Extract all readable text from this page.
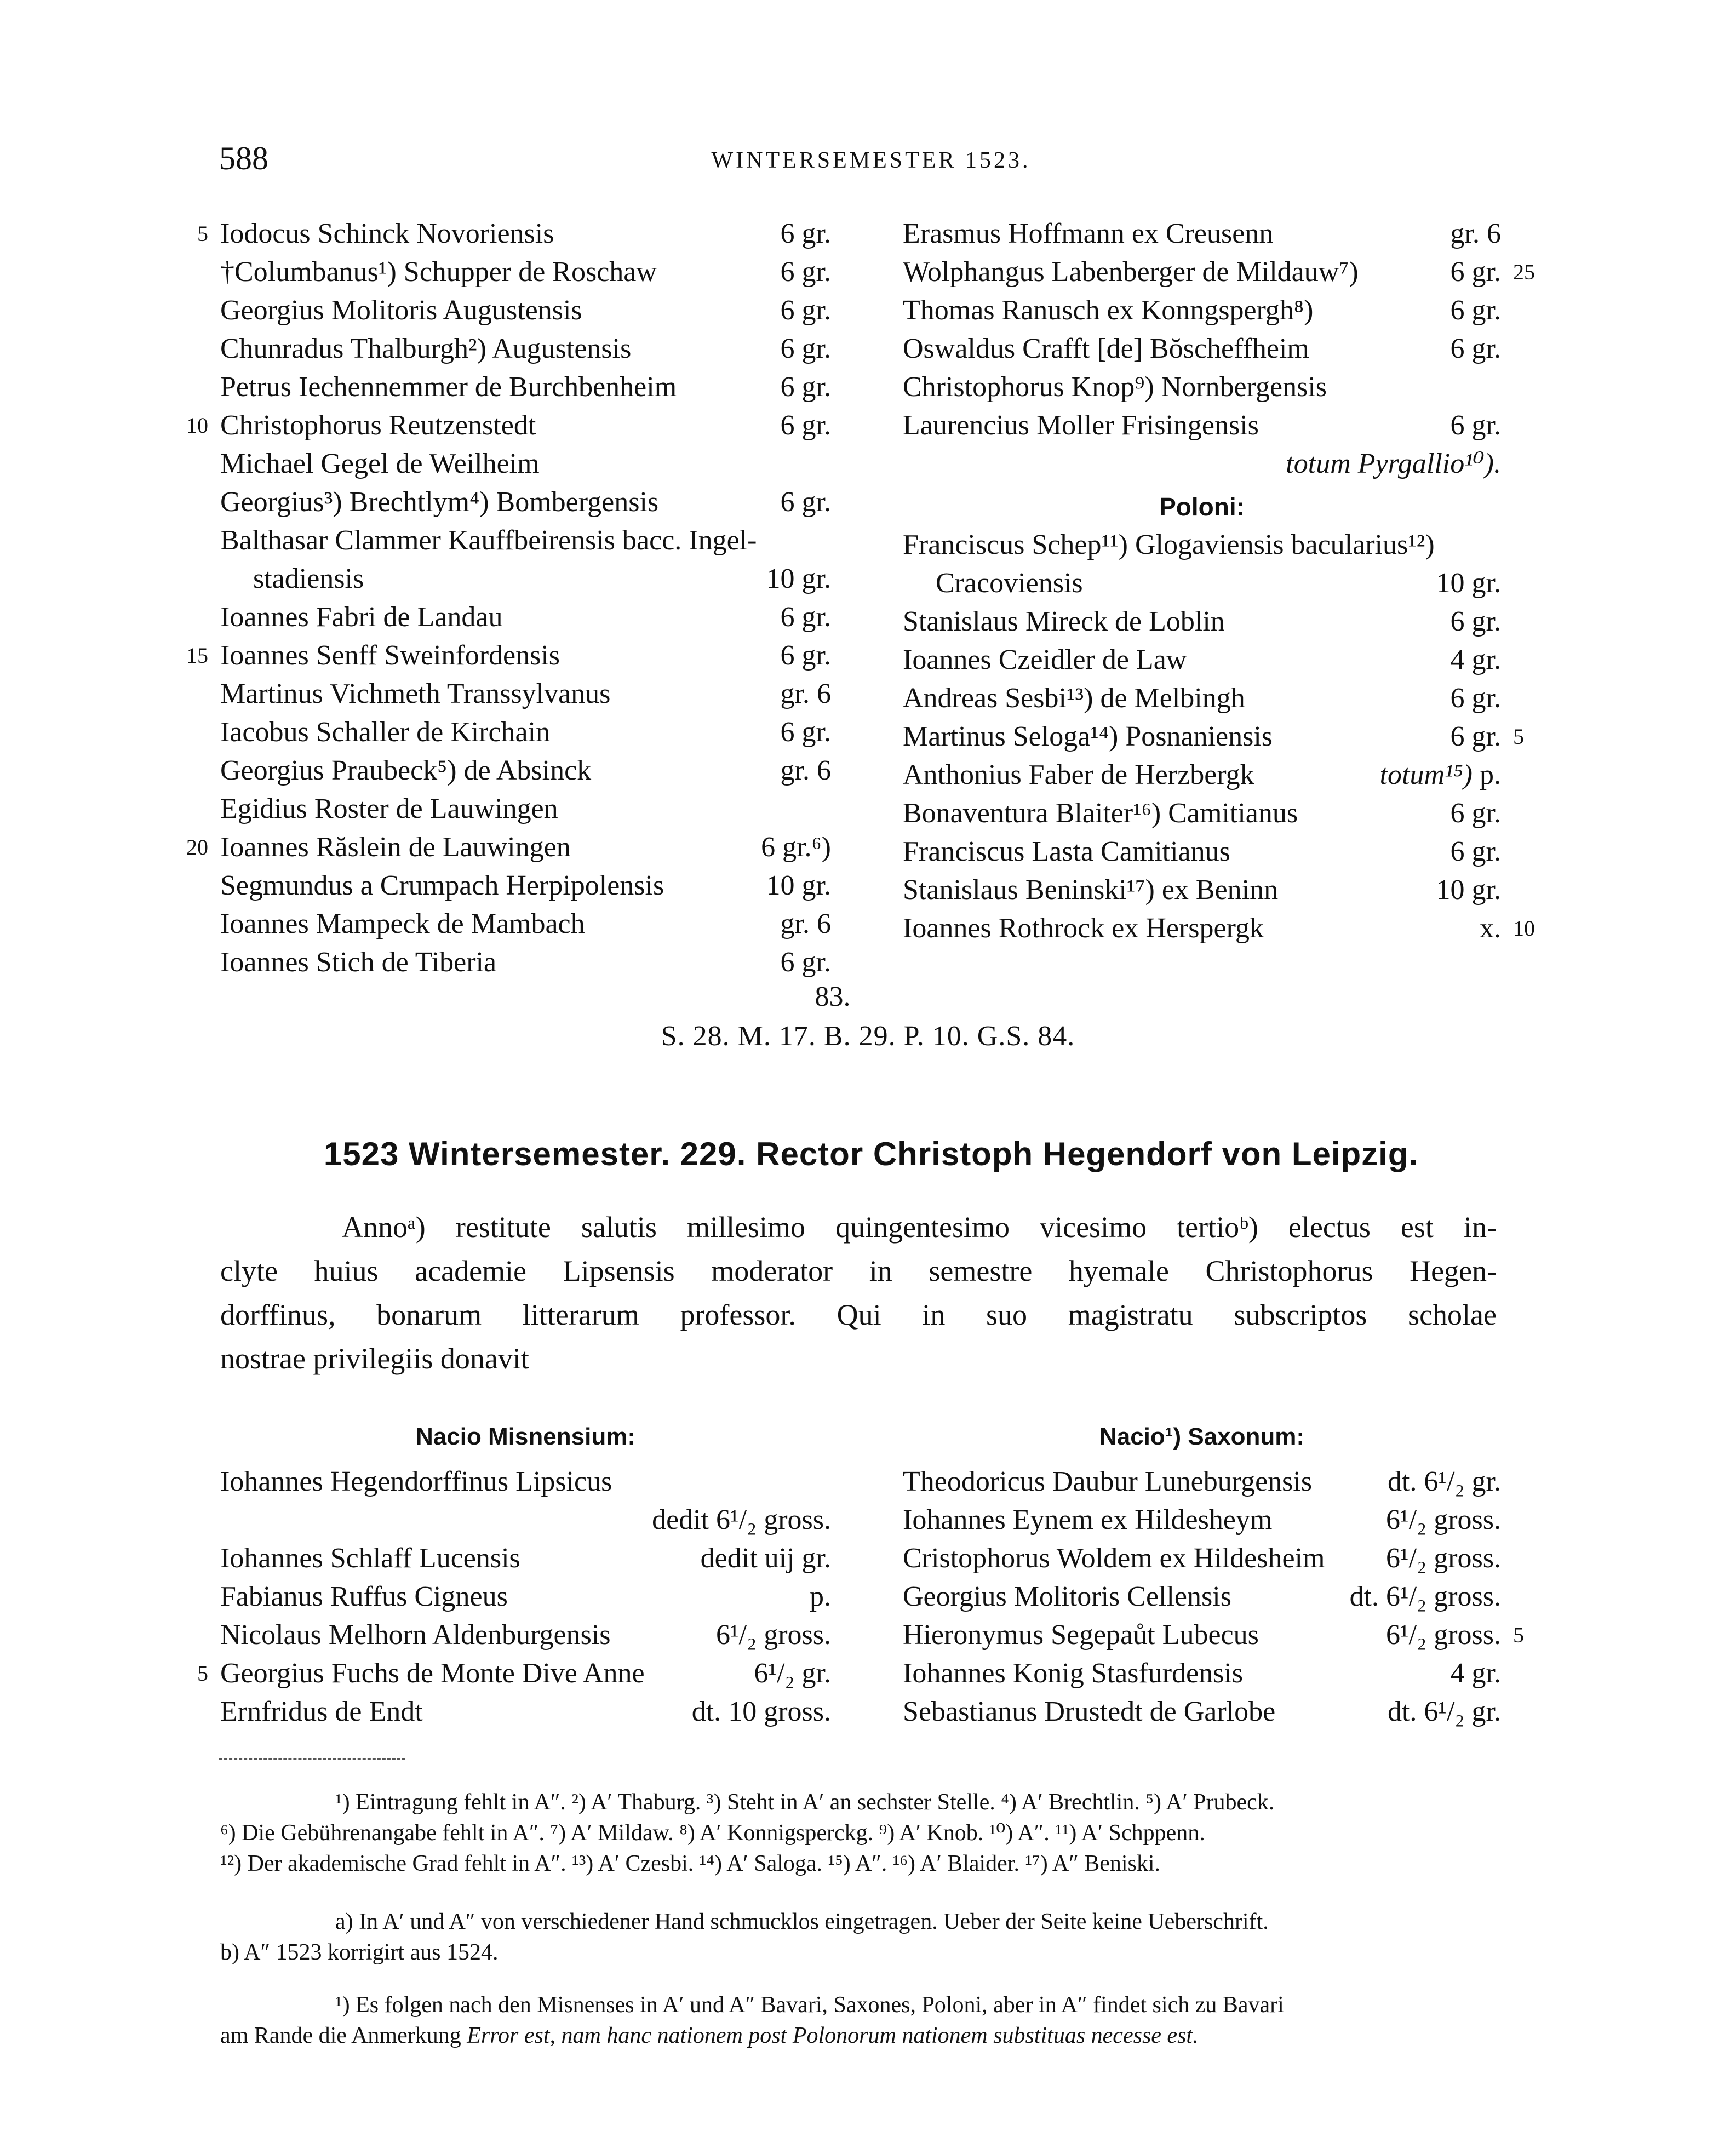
588	WINTERSEMESTER 1523.
Iodocus Schinck Novoriensis	6 gr.
5
†Columbanus¹) Schupper de Roschaw	6 gr.
Georgius Molitoris Augustensis	6 gr.
Chunradus Thalburgh²) Augustensis	6 gr.
Petrus Iechennemmer de Burchbenheim	6 gr.
Christophorus Reutzenstedt	6 gr.
10
Michael Gegel de Weilheim
Georgius³) Brechtlym⁴) Bombergensis	6 gr.
Balthasar Clammer Kauffbeirensis bacc. Ingel-
stadiensis	10 gr.
Ioannes Fabri de Landau	6 gr.
Ioannes Senff Sweinfordensis	6 gr.
15
Martinus Vichmeth Transsylvanus	gr. 6
Iacobus Schaller de Kirchain	6 gr.
Georgius Praubeck⁵) de Absinck	gr. 6
Egidius Roster de Lauwingen
Ioannes Răslein de Lauwingen	6 gr.⁶)
20
Segmundus a Crumpach Herpipolensis	10 gr.
Ioannes Mampeck de Mambach	gr. 6
Ioannes Stich de Tiberia	6 gr.
Erasmus Hoffmann ex Creusenn	gr. 6
Wolphangus Labenberger de Mildauw⁷)	6 gr. 25
Thomas Ranusch ex Konngspergh⁸)	6 gr.
Oswaldus Crafft [de] Bŏscheffheim	6 gr.
Christophorus Knop⁹) Nornbergensis
Laurencius Moller Frisingensis	6 gr.
totum Pyrgallio¹⁰).
Poloni:
Franciscus Schep¹¹) Glogaviensis bacularius¹²)
Cracoviensis	10 gr.
Stanislaus Mireck de Loblin	6 gr.
Ioannes Czeidler de Law	4 gr.
Andreas Sesbi¹³) de Melbingh	6 gr.
Martinus Seloga¹⁴) Posnaniensis	6 gr. 5
Anthonius Faber de Herzbergk	totum¹⁵) p.
Bonaventura Blaiter¹⁶) Camitianus	6 gr.
Franciscus Lasta Camitianus	6 gr.
Stanislaus Beninski¹⁷) ex Beninn	10 gr.
Ioannes Rothrock ex Herspergk	x. 10
83.
S. 28. M. 17. B. 29. P. 10. G.S. 84.
1523 Wintersemester. 229. Rector Christoph Hegendorf von Leipzig.

Annoᵃ) restitute salutis millesimo quingentesimo vicesimo tertioᵇ) electus est in-

clyte huius academie Lipsensis moderator in semestre hyemale Christophorus Hegen-

dorffinus, bonarum litterarum professor. Qui in suo magistratu subscriptos scholae

nostrae privilegiis donavit

Nacio Misnensium:
Iohannes Hegendorffinus Lipsicus
dedit 6¹/₂ gross.
Iohannes Schlaff Lucensis	dedit uij gr.
Fabianus Ruffus Cigneus	p.
Nicolaus Melhorn Aldenburgensis	6¹/₂ gross.
Georgius Fuchs de Monte Dive Anne	6¹/₂ gr.
5
Ernfridus de Endt	dt. 10 gross.
Nacio¹) Saxonum:
Theodoricus Daubur Luneburgensis	dt. 6¹/₂ gr.
Iohannes Eynem ex Hildesheym	6¹/₂ gross.
Cristophorus Woldem ex Hildesheim 6¹/₂ gross.
Georgius Molitoris Cellensis	dt. 6¹/₂ gross.
Hieronymus Segepaůt Lubecus	6¹/₂ gross. 5
Iohannes Konig Stasfurdensis	4 gr.
Sebastianus Drustedt de Garlobe	dt. 6¹/₂ gr.

¹) Eintragung fehlt in A″. ²) A′ Thaburg. ³) Steht in A′ an sechster Stelle. ⁴) A′ Brechtlin. ⁵) A′ Prubeck.

⁶) Die Gebührenangabe fehlt in A″. ⁷) A′ Mildaw. ⁸) A′ Konnigsperckg. ⁹) A′ Knob. ¹⁰) A″. ¹¹) A′ Schppenn.

¹²) Der akademische Grad fehlt in A″. ¹³) A′ Czesbi. ¹⁴) A′ Saloga. ¹⁵) A″. ¹⁶) A′ Blaider. ¹⁷) A″ Beniski.

a) In A′ und A″ von verschiedener Hand schmucklos eingetragen. Ueber der Seite keine Ueberschrift.

b) A″ 1523 korrigirt aus 1524.

¹) Es folgen nach den Misnenses in A′ und A″ Bavari, Saxones, Poloni, aber in A″ findet sich zu Bavari

am Rande die Anmerkung Error est, nam hanc nationem post Polonorum nationem substituas necesse est.
